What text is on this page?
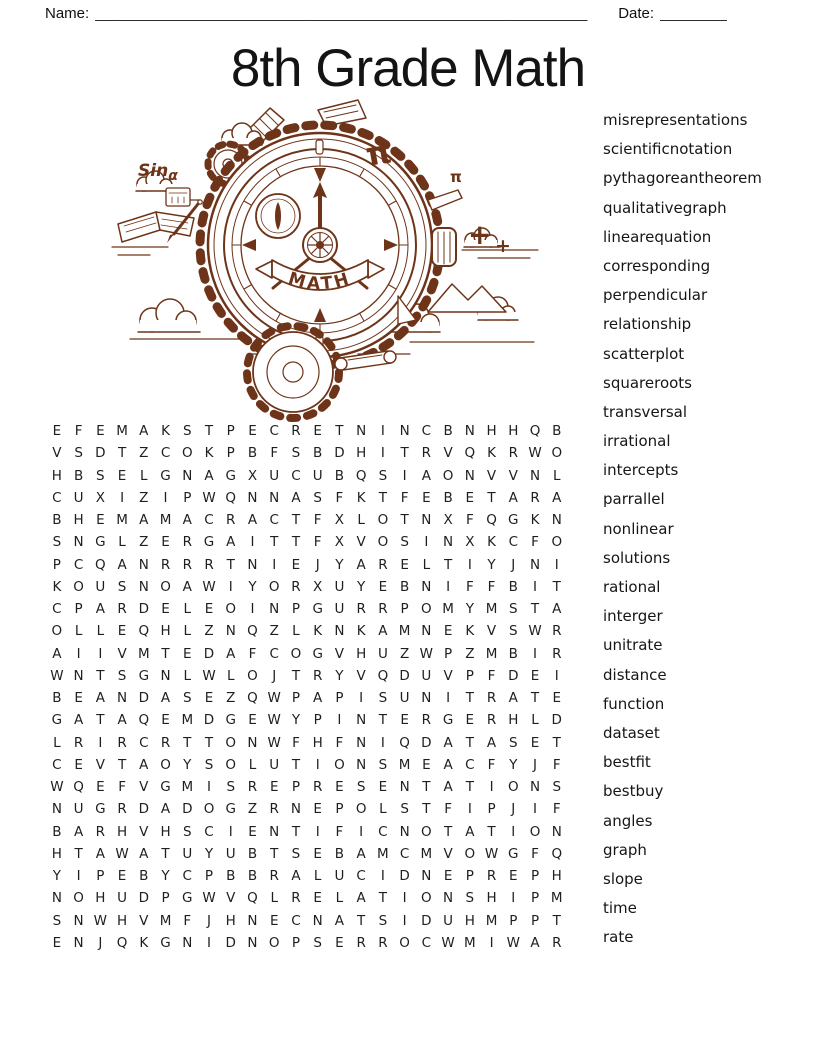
Name: ___________________________________________________________ Date: ________
8th Grade Math
MATH
Sin$_\alpha$
π
π
+ +
E	F	E M A K S T	P E C R E T N	I	N C B N H H Q B
V S D T Z C O K P B F	S B D H	I	T R V Q K R W O
H B S E	L G N A G X U C U B Q S	I	A O N V V N L
C U X	I	Z	I	P W Q N N A S	F K T	F	E B E T A R A
B H E M A M A C R A C T	F X L O T N X F Q G K N
S N G L Z E R G A	I	T T	F X V O S	I	N X K C F O
P C Q A N R R R T N	I	E	J	Y A R E	L	T	I	Y	J	N	I
K O U S N O A W I	Y O R X U Y E B N	I	F	F B	I	T
C P A R D E	L	E O	I	N P G U R R P O M Y M S T A
O L	L	E Q H L Z N Q Z L	K N K A M N E K V S W R
A	I	I	V M T E D A F C O G V H U Z W P Z M B	I	R
W N T S G N L W L O	J	T R Y V Q D U V P	F D E	I
B E A N D A S E Z Q W P A P	I	S U N	I	T R A T E
G A T A Q E M D G E W Y	P	I	N T E R G E R H L D
L R	I	R C R T T O N W F H F N	I	Q D A T A S E T
C E V T A O Y S O L U T	I	O N S M E A C F	Y	J	F
W Q E	F V G M	I	S R E P R E S E N T A T	I	O N S
N U G R D A D O G Z R N E P O L	S T	F	I	P	J	I	F
B A R H V H S C	I	E N T	I	F	I	C N O T A T	I	O N
H T A W A T U Y U B T S E B A M C M V O W G F Q
Y	I	P E B Y C P B B R A L U C	I	D N E P R E P H
N O H U D P G W V Q L R E	L A T	I	O N S H	I	P M
S N W H V M F	J	H N E C N A T S	I	D U H M P	P	T
E N	J	Q K G N	I	D N O P S E R R O C W M	I W A R
misrepresentations
scientificnotation
pythagoreantheorem
qualitativegraph
linearequation
corresponding
perpendicular
relationship
scatterplot
squareroots
transversal
irrational
intercepts
parrallel
nonlinear
solutions
rational
interger
unitrate
distance
function
dataset
bestfit
bestbuy
angles
graph
slope
time
rate
